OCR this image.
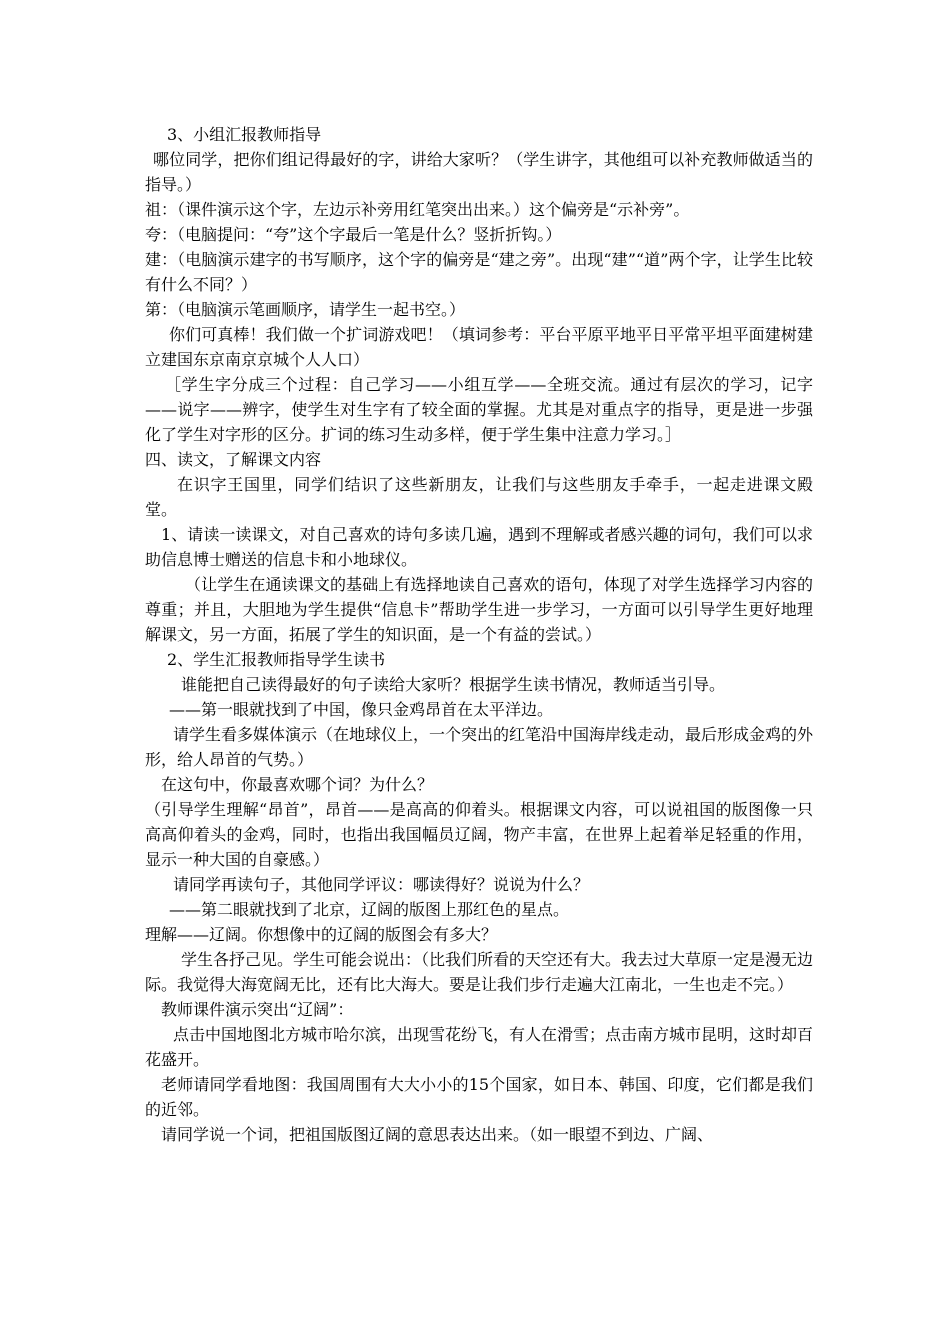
3、小组汇报教师指导

哪位同学，把你们组记得最好的字，讲给大家听？（学生讲字，其他组可以补充教师做适当的指导。）

祖：（课件演示这个字，左边示补旁用红笔突出出来。）这个偏旁是“示补旁”。

夸：（电脑提问：“夸”这个字最后一笔是什么？竖折折钩。）

建：（电脑演示建字的书写顺序，这个字的偏旁是“建之旁”。出现“建”“道”两个字，让学生比较有什么不同？）

第：（电脑演示笔画顺序，请学生一起书空。）

你们可真棒！我们做一个扩词游戏吧！（填词参考：平台平原平地平日平常平坦平面建树建立建国东京南京京城个人人口）

［学生字分成三个过程：自己学习——小组互学——全班交流。通过有层次的学习，记字——说字——辨字，使学生对生字有了较全面的掌握。尤其是对重点字的指导，更是进一步强化了学生对字形的区分。扩词的练习生动多样，便于学生集中注意力学习。］

四、读文，了解课文内容

在识字王国里，同学们结识了这些新朋友，让我们与这些朋友手牵手，一起走进课文殿堂。

1、请读一读课文，对自己喜欢的诗句多读几遍，遇到不理解或者感兴趣的词句，我们可以求助信息博士赠送的信息卡和小地球仪。

（让学生在通读课文的基础上有选择地读自己喜欢的语句，体现了对学生选择学习内容的尊重；并且，大胆地为学生提供“信息卡”帮助学生进一步学习，一方面可以引导学生更好地理解课文，另一方面，拓展了学生的知识面，是一个有益的尝试。）

2、学生汇报教师指导学生读书

谁能把自己读得最好的句子读给大家听？根据学生读书情况，教师适当引导。

——第一眼就找到了中国，像只金鸡昂首在太平洋边。

请学生看多媒体演示（在地球仪上，一个突出的红笔沿中国海岸线走动，最后形成金鸡的外形，给人昂首的气势。）

在这句中，你最喜欢哪个词？为什么？

（引导学生理解“昂首”，昂首——是高高的仰着头。根据课文内容，可以说祖国的版图像一只高高仰着头的金鸡，同时，也指出我国幅员辽阔，物产丰富，在世界上起着举足轻重的作用，显示一种大国的自豪感。）

请同学再读句子，其他同学评议：哪读得好？说说为什么？

——第二眼就找到了北京，辽阔的版图上那红色的星点。

理解——辽阔。你想像中的辽阔的版图会有多大？

学生各抒己见。学生可能会说出：（比我们所看的天空还有大。我去过大草原一定是漫无边际。我觉得大海宽阔无比，还有比大海大。要是让我们步行走遍大江南北，一生也走不完。）

教师课件演示突出“辽阔”：

点击中国地图北方城市哈尔滨，出现雪花纷飞，有人在滑雪；点击南方城市昆明，这时却百花盛开。

老师请同学看地图：我国周围有大大小小的15个国家，如日本、韩国、印度，它们都是我们的近邻。

请同学说一个词，把祖国版图辽阔的意思表达出来。（如一眼望不到边、广阔、
